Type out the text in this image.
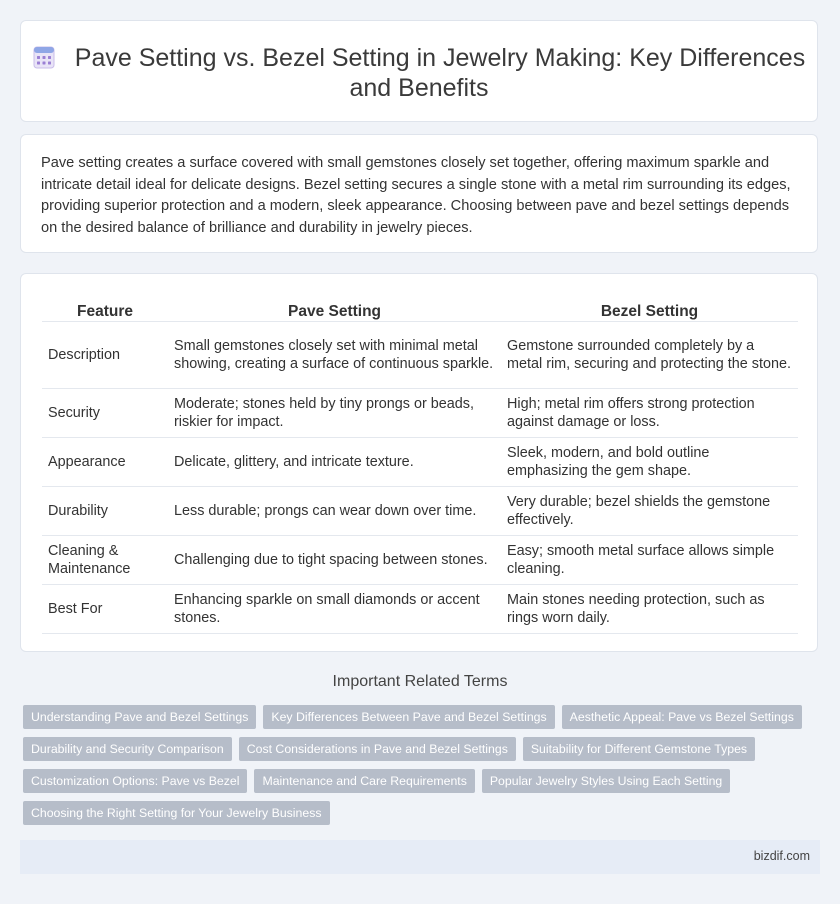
Pave Setting vs. Bezel Setting in Jewelry Making: Key Differences
and Benefits

Pave setting creates a surface covered with small gemstones closely set together, offering maximum sparkle and intricate detail ideal for delicate designs. Bezel setting secures a single stone with a metal rim surrounding its edges, providing superior protection and a modern, sleek appearance. Choosing between pave and bezel settings depends on the desired balance of brilliance and durability in jewelry pieces.

Feature	Pave Setting	Bezel Setting
Description	Small gemstones closely set with minimal metal showing, creating a surface of continuous sparkle.	Gemstone surrounded completely by a metal rim, securing and protecting the stone.
Security	Moderate; stones held by tiny prongs or beads, riskier for impact.	High; metal rim offers strong protection against damage or loss.
Appearance	Delicate, glittery, and intricate texture.	Sleek, modern, and bold outline emphasizing the gem shape.
Durability	Less durable; prongs can wear down over time.	Very durable; bezel shields the gemstone effectively.
Cleaning & Maintenance	Challenging due to tight spacing between stones.	Easy; smooth metal surface allows simple cleaning.
Best For	Enhancing sparkle on small diamonds or accent stones.	Main stones needing protection, such as rings worn daily.
Important Related Terms
Understanding Pave and Bezel Settings	Key Differences Between Pave and Bezel Settings	Aesthetic Appeal: Pave vs Bezel Settings
Durability and Security Comparison	Cost Considerations in Pave and Bezel Settings	Suitability for Different Gemstone Types
Customization Options: Pave vs Bezel	Maintenance and Care Requirements	Popular Jewelry Styles Using Each Setting
Choosing the Right Setting for Your Jewelry Business
bizdif.com
